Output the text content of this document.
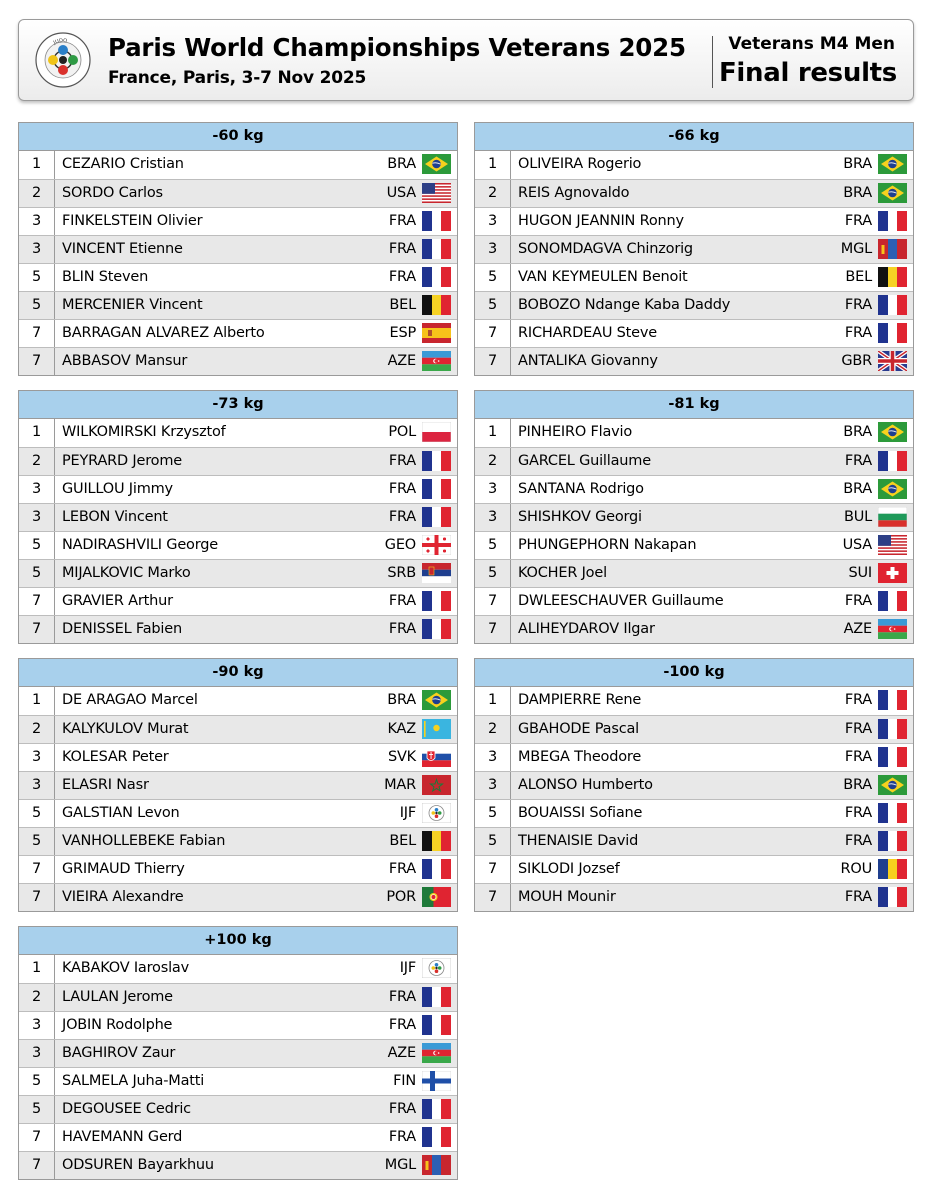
JUDO Paris World Championships Veterans 2025
France, Paris, 3-7 Nov 2025
Veterans M4 Men
Final results
-60 kg
1	CEZARIO Cristian	BRA
2	SORDO Carlos	USA
3	FINKELSTEIN Olivier	FRA
3	VINCENT Etienne	FRA
5	BLIN Steven	FRA
5	MERCENIER Vincent	BEL
7	BARRAGAN ALVAREZ Alberto	ESP
7	ABBASOV Mansur	AZE
-66 kg
1	OLIVEIRA Rogerio	BRA
2	REIS Agnovaldo	BRA
3	HUGON JEANNIN Ronny	FRA
3	SONOMDAGVA Chinzorig	MGL
5	VAN KEYMEULEN Benoit	BEL
5	BOBOZO Ndange Kaba Daddy	FRA
7	RICHARDEAU Steve	FRA
7	ANTALIKA Giovanny	GBR
-73 kg
1	WILKOMIRSKI Krzysztof	POL
2	PEYRARD Jerome	FRA
3	GUILLOU Jimmy	FRA
3	LEBON Vincent	FRA
5	NADIRASHVILI George	GEO
5	MIJALKOVIC Marko	SRB
7	GRAVIER Arthur	FRA
7	DENISSEL Fabien	FRA
-81 kg
1	PINHEIRO Flavio	BRA
2	GARCEL Guillaume	FRA
3	SANTANA Rodrigo	BRA
3	SHISHKOV Georgi	BUL
5	PHUNGEPHORN Nakapan	USA
5	KOCHER Joel	SUI
7	DWLEESCHAUVER Guillaume	FRA
7	ALIHEYDAROV Ilgar	AZE
-90 kg
1	DE ARAGAO Marcel	BRA
2	KALYKULOV Murat	KAZ
3	KOLESAR Peter	SVK
3	ELASRI Nasr	MAR
5	GALSTIAN Levon	IJF
5	VANHOLLEBEKE Fabian	BEL
7	GRIMAUD Thierry	FRA
7	VIEIRA Alexandre	POR
-100 kg
1	DAMPIERRE Rene	FRA
2	GBAHODE Pascal	FRA
3	MBEGA Theodore	FRA
3	ALONSO Humberto	BRA
5	BOUAISSI Sofiane	FRA
5	THENAISIE David	FRA
7	SIKLODI Jozsef	ROU
7	MOUH Mounir	FRA
+100 kg
1	KABAKOV Iaroslav	IJF
2	LAULAN Jerome	FRA
3	JOBIN Rodolphe	FRA
3	BAGHIROV Zaur	AZE
5	SALMELA Juha-Matti	FIN
5	DEGOUSEE Cedric	FRA
7	HAVEMANN Gerd	FRA
7	ODSUREN Bayarkhuu	MGL
